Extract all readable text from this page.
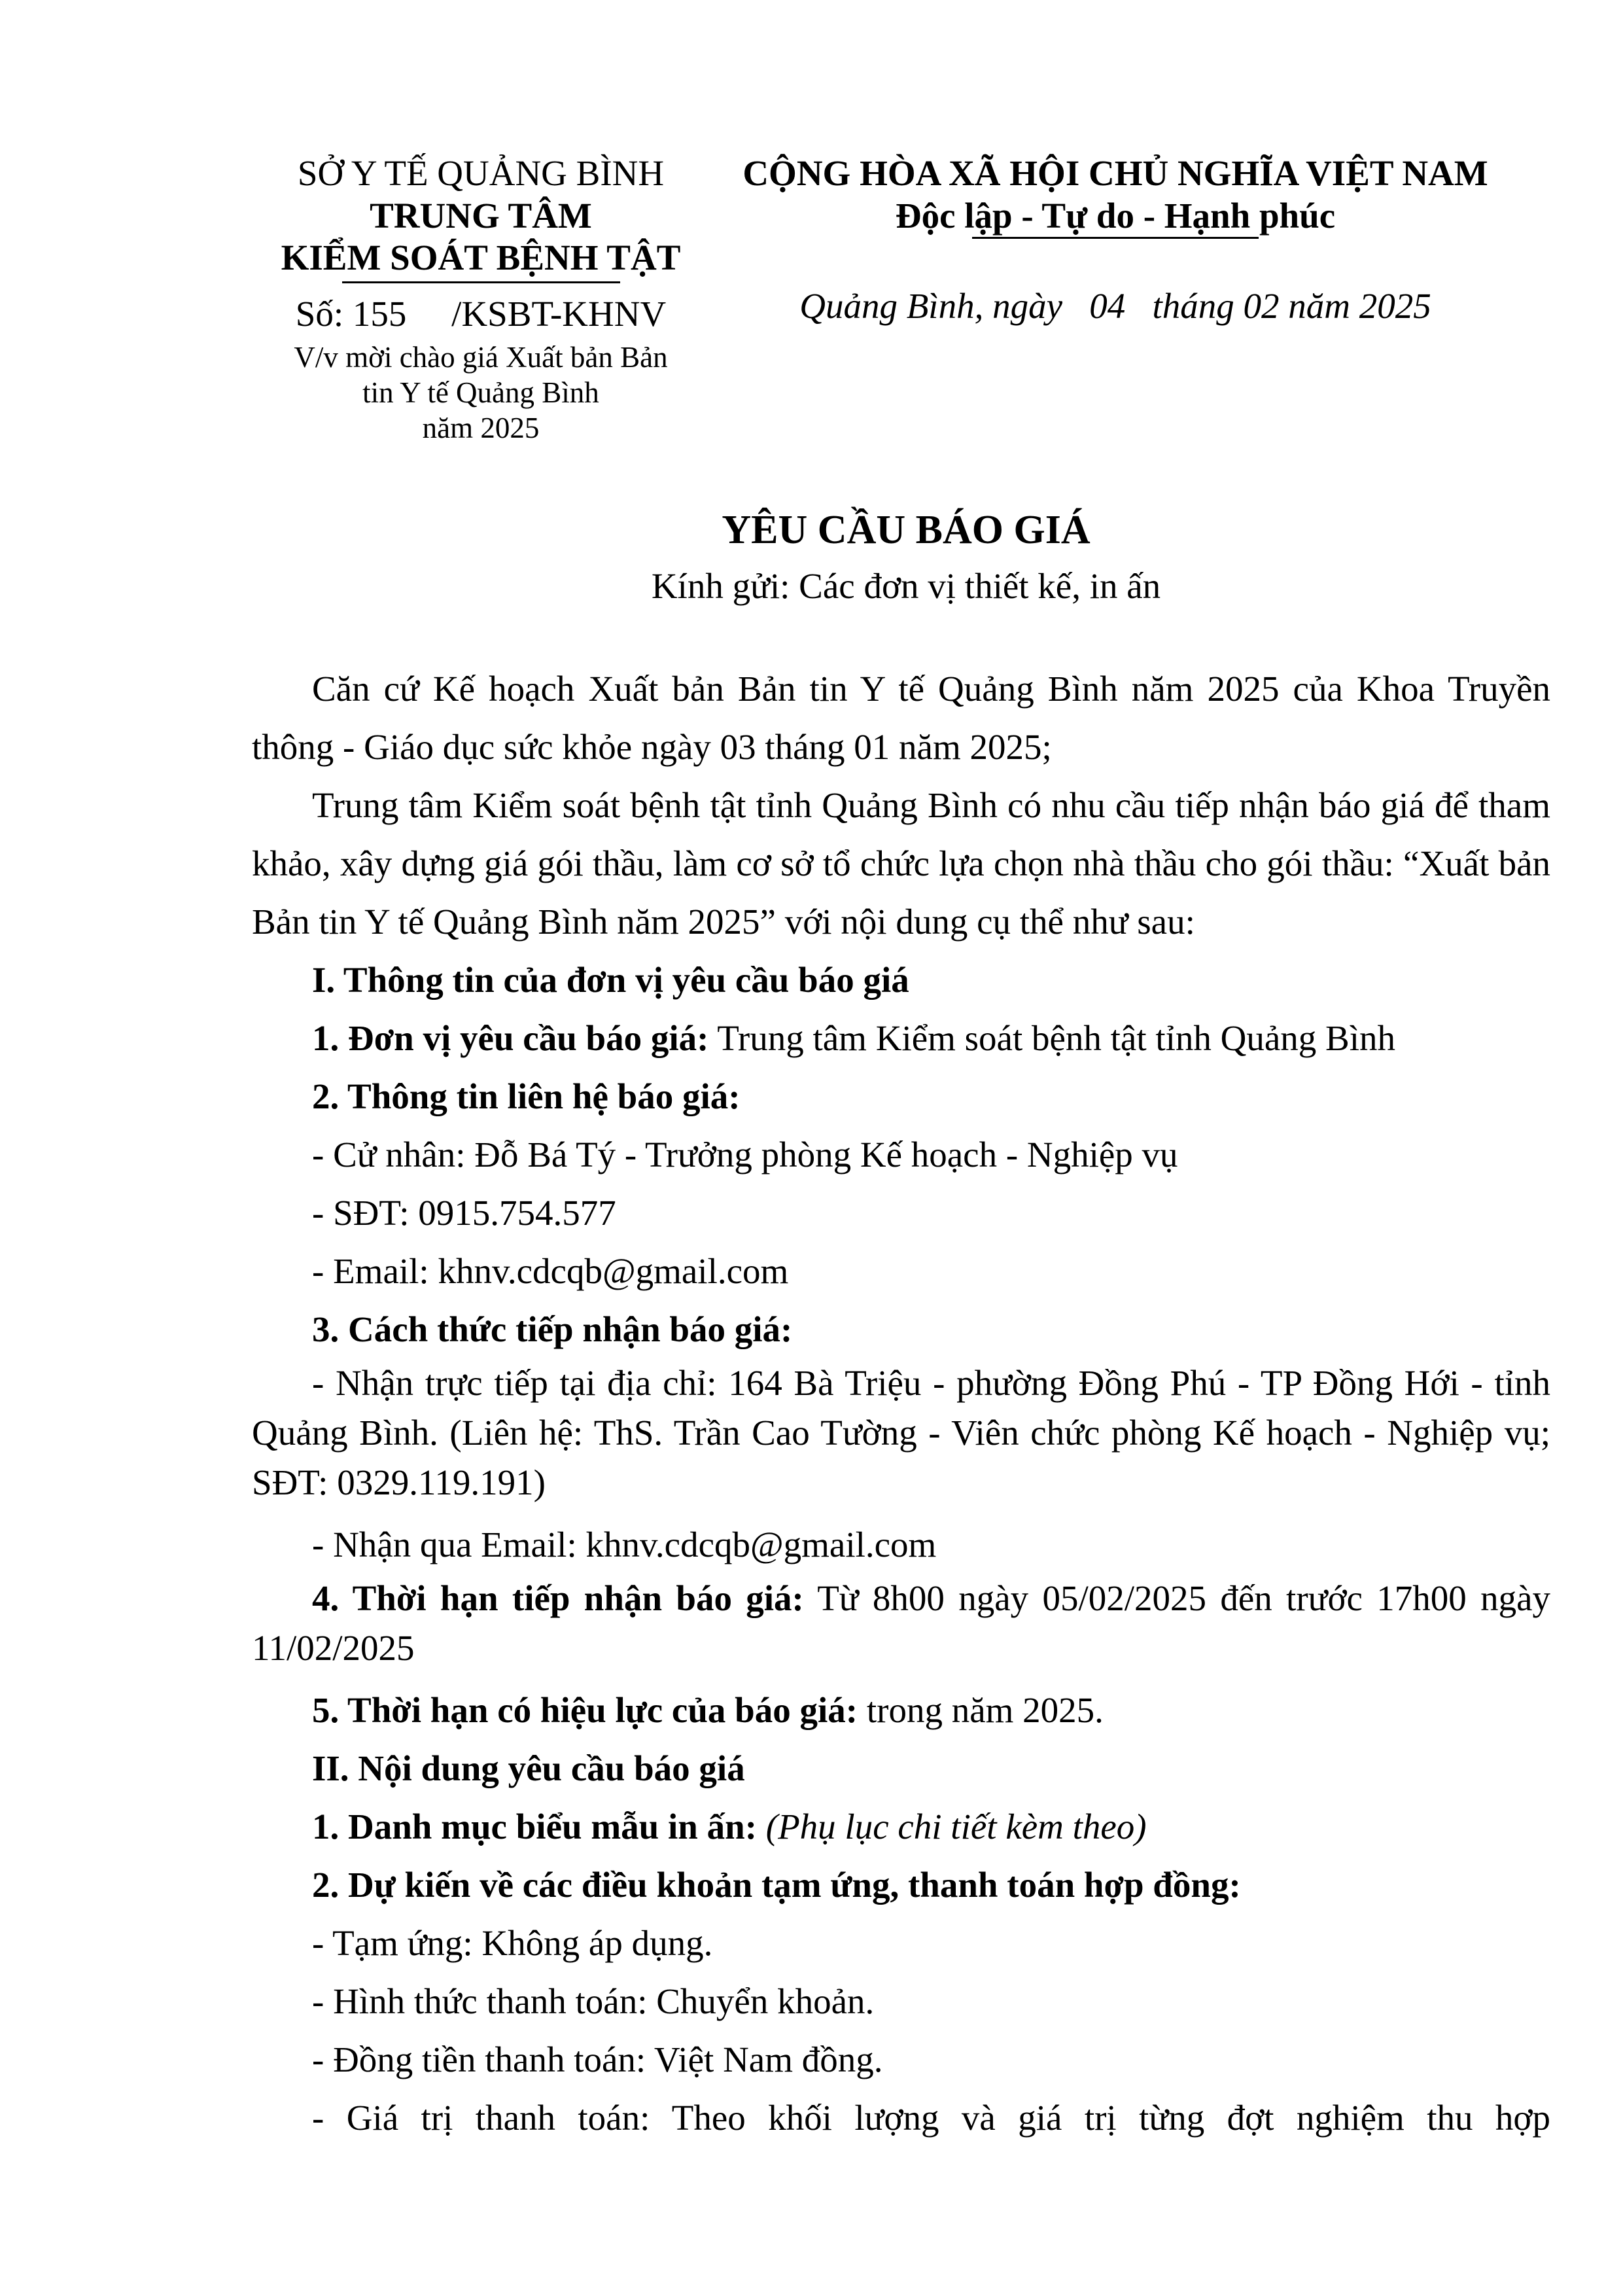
SỞ Y TẾ QUẢNG BÌNH
TRUNG TÂM
KIỂM SOÁT BỆNH TẬT
Số: 155     /KSBT-KHNV
V/v mời chào giá Xuất bản Bản
tin Y tế Quảng Bình
năm 2025
CỘNG HÒA XÃ HỘI CHỦ NGHĨA VIỆT NAM
Độc lập - Tự do - Hạnh phúc
Quảng Bình, ngày   04   tháng 02 năm 2025
YÊU CẦU BÁO GIÁ
Kính gửi: Các đơn vị thiết kế, in ấn

Căn cứ Kế hoạch Xuất bản Bản tin Y tế Quảng Bình năm 2025 của Khoa Truyền thông - Giáo dục sức khỏe ngày 03 tháng 01 năm 2025;

Trung tâm Kiểm soát bệnh tật tỉnh Quảng Bình có nhu cầu tiếp nhận báo giá để tham khảo, xây dựng giá gói thầu, làm cơ sở tổ chức lựa chọn nhà thầu cho gói thầu: “Xuất bản Bản tin Y tế Quảng Bình năm 2025” với nội dung cụ thể như sau:

I. Thông tin của đơn vị yêu cầu báo giá

1. Đơn vị yêu cầu báo giá: Trung tâm Kiểm soát bệnh tật tỉnh Quảng Bình

2. Thông tin liên hệ báo giá:

- Cử nhân: Đỗ Bá Tý - Trưởng phòng Kế hoạch - Nghiệp vụ

- SĐT: 0915.754.577

- Email: khnv.cdcqb@gmail.com

3. Cách thức tiếp nhận báo giá:

- Nhận trực tiếp tại địa chỉ: 164 Bà Triệu - phường Đồng Phú - TP Đồng Hới - tỉnh Quảng Bình. (Liên hệ: ThS. Trần Cao Tường - Viên chức phòng Kế hoạch - Nghiệp vụ; SĐT: 0329.119.191)

- Nhận qua Email: khnv.cdcqb@gmail.com

4. Thời hạn tiếp nhận báo giá: Từ 8h00 ngày 05/02/2025 đến trước 17h00 ngày 11/02/2025

5. Thời hạn có hiệu lực của báo giá: trong năm 2025.

II. Nội dung yêu cầu báo giá

1. Danh mục biểu mẫu in ấn: (Phụ lục chi tiết kèm theo)

2. Dự kiến về các điều khoản tạm ứng, thanh toán hợp đồng:

- Tạm ứng: Không áp dụng.

- Hình thức thanh toán: Chuyển khoản.

- Đồng tiền thanh toán: Việt Nam đồng.

- Giá trị thanh toán: Theo khối lượng và giá trị từng đợt nghiệm thu hợp
